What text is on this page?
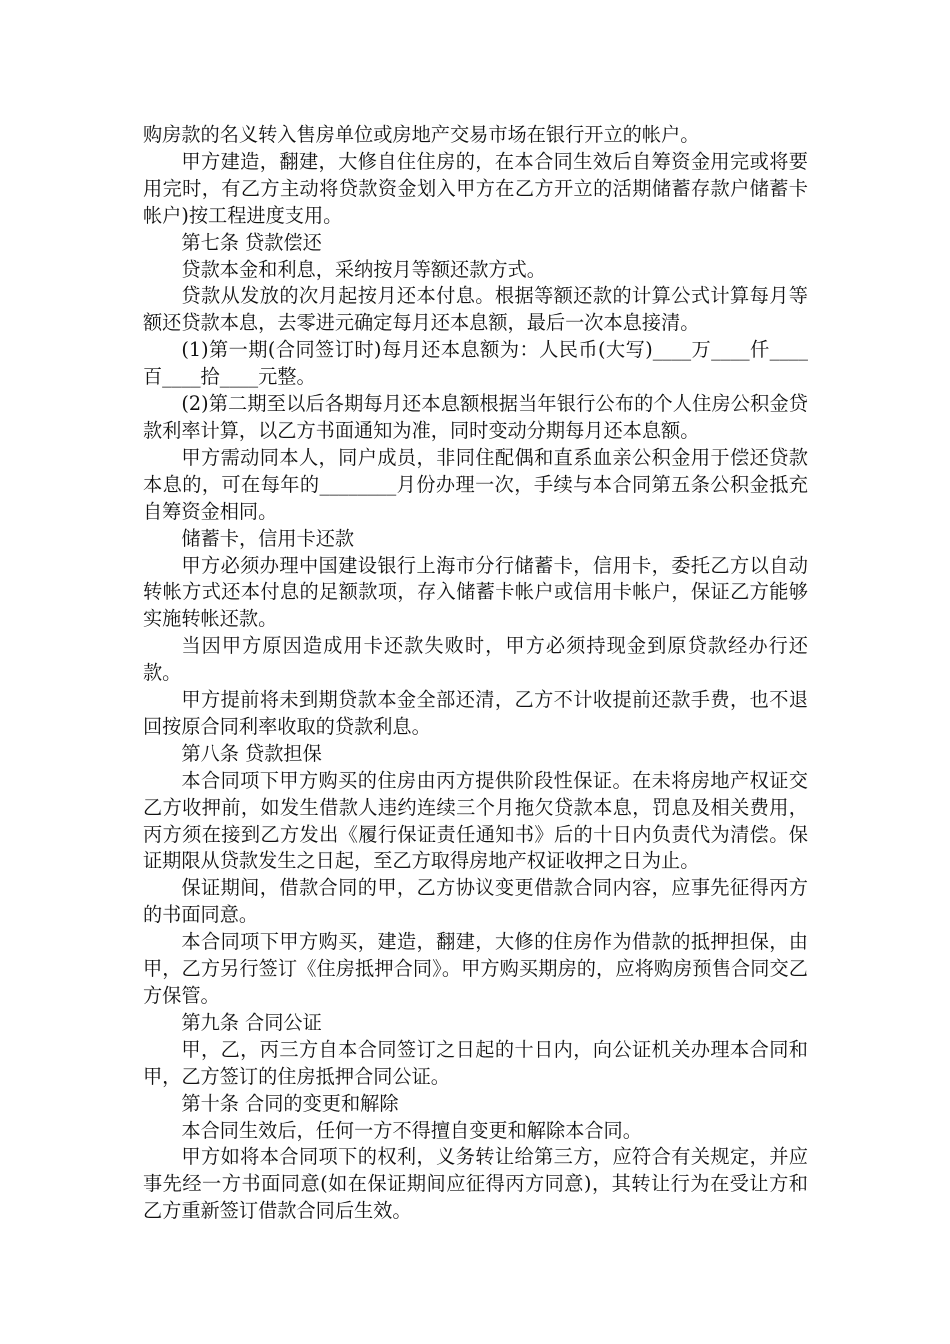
购房款的名义转入售房单位或房地产交易市场在银行开立的帐户。

甲方建造，翻建，大修自住住房的，在本合同生效后自筹资金用完或将要用完时，有乙方主动将贷款资金划入甲方在乙方开立的活期储蓄存款户储蓄卡帐户)按工程进度支用。

第七条 贷款偿还

贷款本金和利息，采纳按月等额还款方式。

贷款从发放的次月起按月还本付息。根据等额还款的计算公式计算每月等额还贷款本息，去零进元确定每月还本息额，最后一次本息接清。

(1)第一期(合同签订时)每月还本息额为：人民币(大写)____万____仟____百____拾____元整。

(2)第二期至以后各期每月还本息额根据当年银行公布的个人住房公积金贷款利率计算，以乙方书面通知为准，同时变动分期每月还本息额。

甲方需动同本人，同户成员，非同住配偶和直系血亲公积金用于偿还贷款本息的，可在每年的________月份办理一次，手续与本合同第五条公积金抵充自筹资金相同。

储蓄卡，信用卡还款

甲方必须办理中国建设银行上海市分行储蓄卡，信用卡，委托乙方以自动转帐方式还本付息的足额款项，存入储蓄卡帐户或信用卡帐户，保证乙方能够实施转帐还款。

当因甲方原因造成用卡还款失败时，甲方必须持现金到原贷款经办行还款。

甲方提前将未到期贷款本金全部还清，乙方不计收提前还款手费，也不退回按原合同利率收取的贷款利息。

第八条 贷款担保

本合同项下甲方购买的住房由丙方提供阶段性保证。在未将房地产权证交乙方收押前，如发生借款人违约连续三个月拖欠贷款本息，罚息及相关费用，丙方须在接到乙方发出《履行保证责任通知书》后的十日内负责代为清偿。保证期限从贷款发生之日起，至乙方取得房地产权证收押之日为止。

保证期间，借款合同的甲，乙方协议变更借款合同内容，应事先征得丙方的书面同意。

本合同项下甲方购买，建造，翻建，大修的住房作为借款的抵押担保，由甲，乙方另行签订《住房抵押合同》。甲方购买期房的，应将购房预售合同交乙方保管。

第九条 合同公证

甲，乙，丙三方自本合同签订之日起的十日内，向公证机关办理本合同和甲，乙方签订的住房抵押合同公证。

第十条 合同的变更和解除

本合同生效后，任何一方不得擅自变更和解除本合同。

甲方如将本合同项下的权利，义务转让给第三方，应符合有关规定，并应事先经一方书面同意(如在保证期间应征得丙方同意)，其转让行为在受让方和乙方重新签订借款合同后生效。
